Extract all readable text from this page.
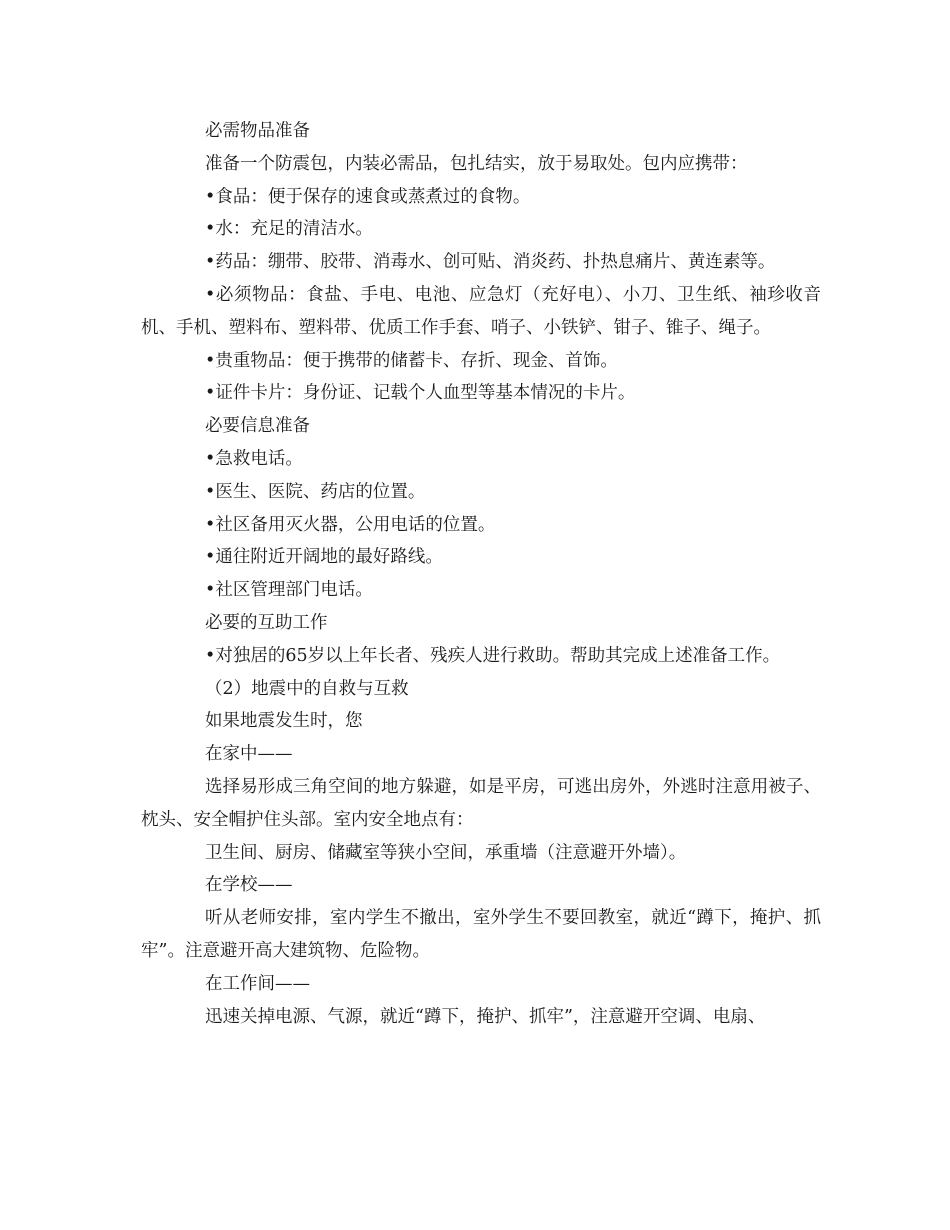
必需物品准备

准备一个防震包，内装必需品，包扎结实，放于易取处。包内应携带：

•食品：便于保存的速食或蒸煮过的食物。

•水：充足的清洁水。

•药品：绷带、胶带、消毒水、创可贴、消炎药、扑热息痛片、黄连素等。

•必须物品：食盐、手电、电池、应急灯（充好电）、小刀、卫生纸、袖珍收音机、手机、塑料布、塑料带、优质工作手套、哨子、小铁铲、钳子、锥子、绳子。

•贵重物品：便于携带的储蓄卡、存折、现金、首饰。

•证件卡片：身份证、记载个人血型等基本情况的卡片。

必要信息准备

•急救电话。

•医生、医院、药店的位置。

•社区备用灭火器，公用电话的位置。

•通往附近开阔地的最好路线。

•社区管理部门电话。

必要的互助工作

•对独居的65岁以上年长者、残疾人进行救助。帮助其完成上述准备工作。

（2）地震中的自救与互救

如果地震发生时，您

在家中——

选择易形成三角空间的地方躲避，如是平房，可逃出房外，外逃时注意用被子、枕头、安全帽护住头部。室内安全地点有：

卫生间、厨房、储藏室等狭小空间，承重墙（注意避开外墙）。

在学校——

听从老师安排，室内学生不撤出，室外学生不要回教室，就近“蹲下，掩护、抓牢”。注意避开高大建筑物、危险物。

在工作间——

迅速关掉电源、气源，就近“蹲下，掩护、抓牢”，注意避开空调、电扇、
